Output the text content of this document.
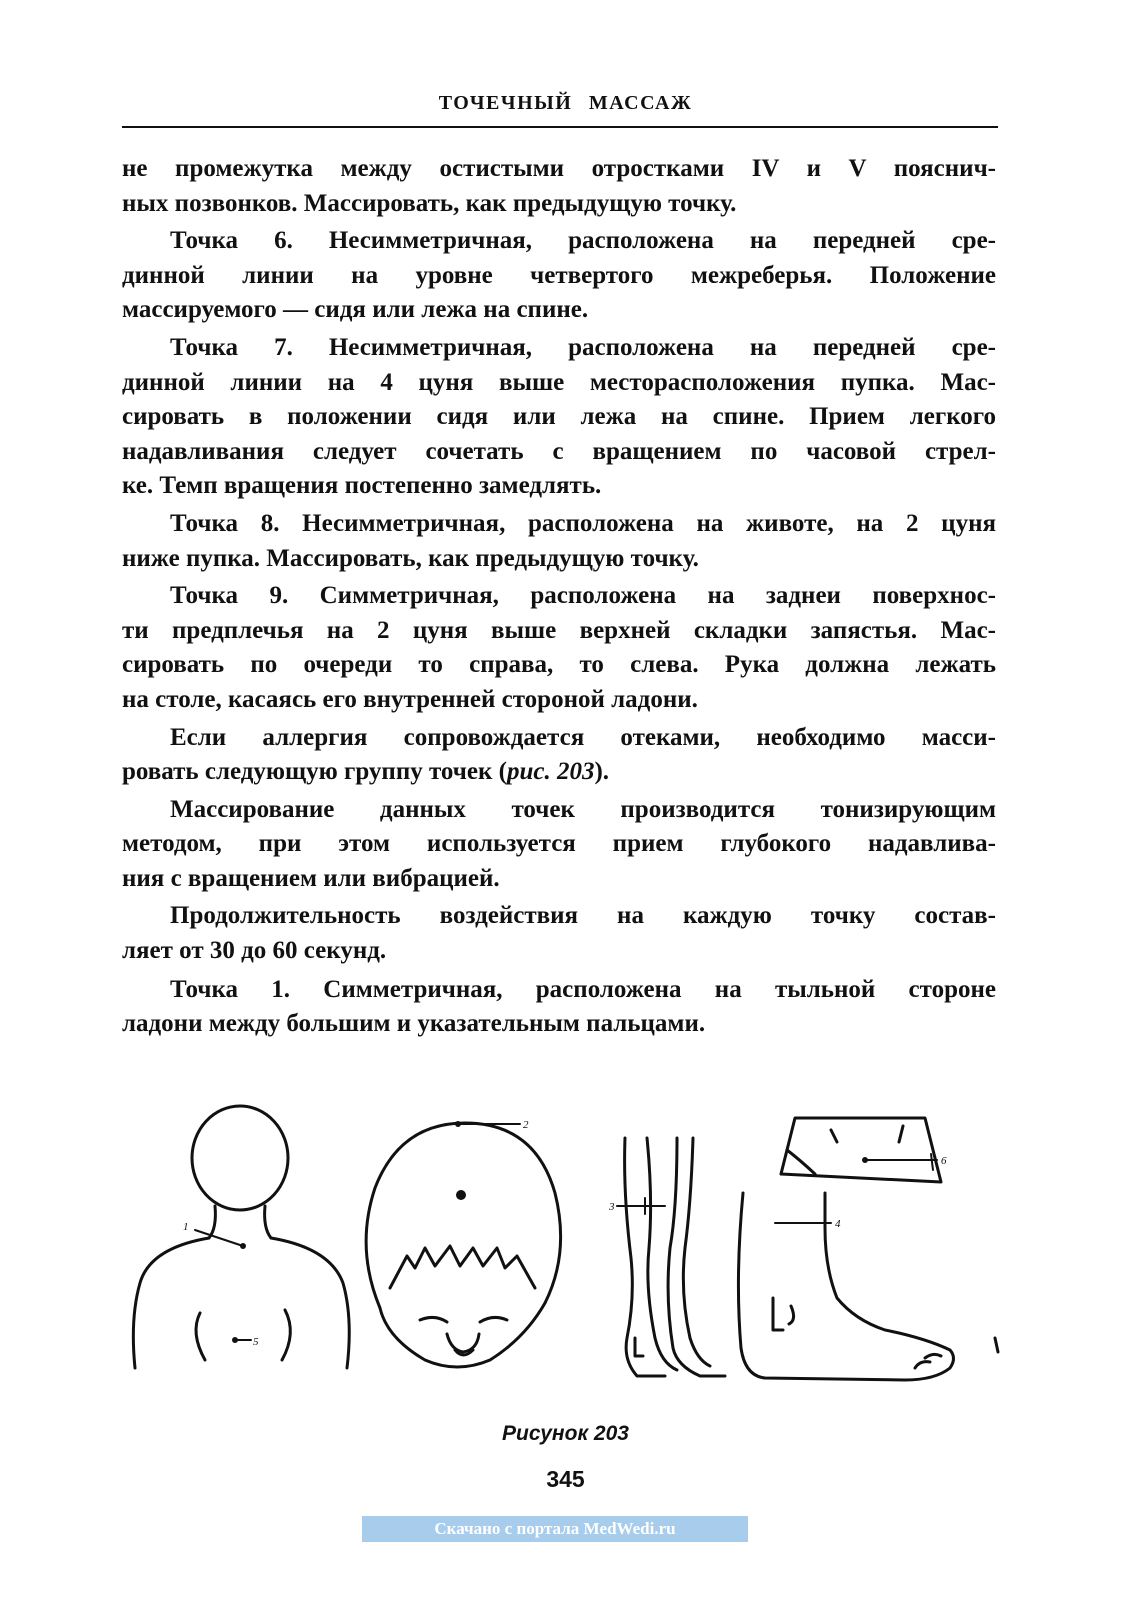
ТОЧЕЧНЫЙ МАССАЖ
не промежутка между остистыми отростками IV и V пояснич-
ных позвонков. Массировать, как предыдущую точку.
Точка 6. Несимметричная, расположена на передней сре-
динной линии на уровне четвертого межреберья. Положение
массируемого — сидя или лежа на спине.
Точка 7. Несимметричная, расположена на передней сре-
динной линии на 4 цуня выше месторасположения пупка. Мас-
сировать в положении сидя или лежа на спине. Прием легкого
надавливания следует сочетать с вращением по часовой стрел-
ке. Темп вращения постепенно замедлять.
Точка 8. Несимметричная, расположена на животе, на 2 цуня
ниже пупка. Массировать, как предыдущую точку.
Точка 9. Симметричная, расположена на заднеи поверхнос-
ти предплечья на 2 цуня выше верхней складки запястья. Мас-
сировать по очереди то справа, то слева. Рука должна лежать
на столе, касаясь его внутренней стороной ладони.
Если аллергия сопровождается отеками, необходимо масси-
ровать следующую группу точек (рис. 203).
Массирование данных точек производится тонизирующим
методом, при этом используется прием глубокого надавлива-
ния с вращением или вибрацией.
Продолжительность воздействия на каждую точку состав-
ляет от 30 до 60 секунд.
Точка 1. Симметричная, расположена на тыльной стороне
ладони между большим и указательным пальцами.
1
5
2
3
6
4
Рисунок 203
345
Скачано с портала MedWedi.ru
